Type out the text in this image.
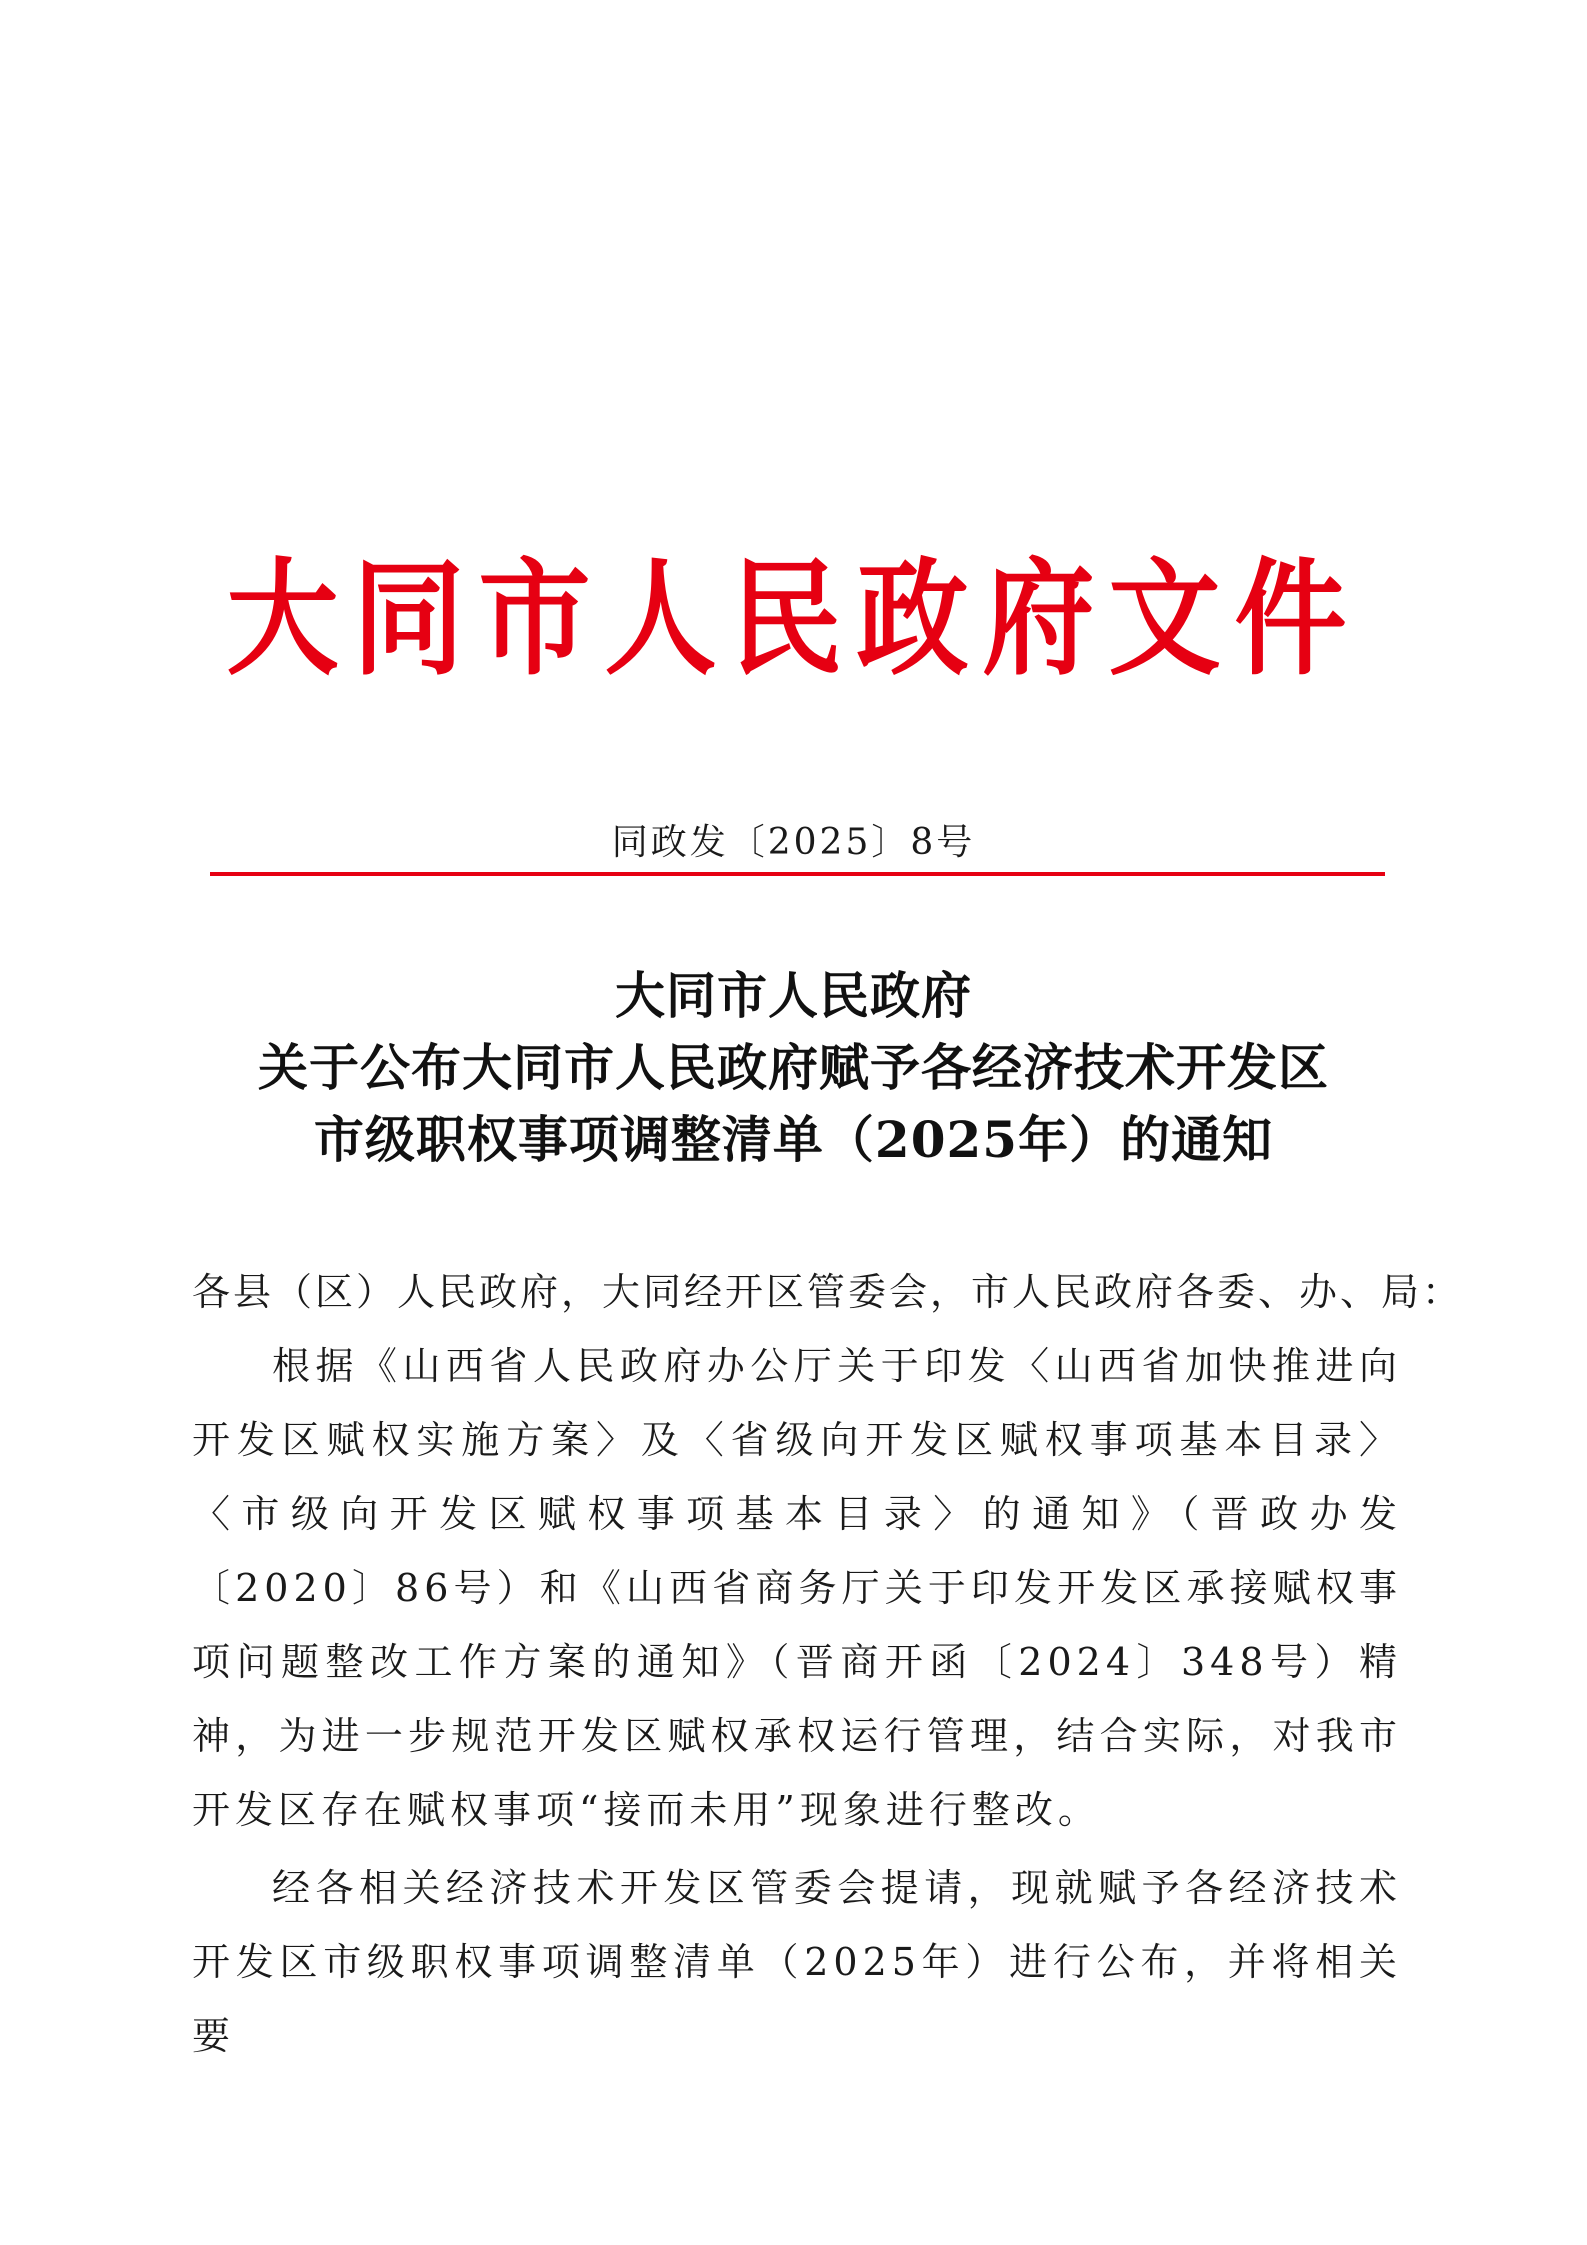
大同市人民政府文件
同政发〔2025〕8号
大同市人民政府
关于公布大同市人民政府赋予各经济技术开发区
市级职权事项调整清单（2025年）的通知

各县（区）人民政府，大同经开区管委会，市人民政府各委、办、局：

根据《山西省人民政府办公厅关于印发〈山西省加快推进向开发区赋权实施方案〉及〈省级向开发区赋权事项基本目录〉〈市级向开发区赋权事项基本目录〉的通知》（晋政办发〔2020〕86号）和《山西省商务厅关于印发开发区承接赋权事项问题整改工作方案的通知》（晋商开函〔2024〕348号）精神，为进一步规范开发区赋权承权运行管理，结合实际，对我市开发区存在赋权事项“接而未用”现象进行整改。

经各相关经济技术开发区管委会提请，现就赋予各经济技术开发区市级职权事项调整清单（2025年）进行公布，并将相关要
